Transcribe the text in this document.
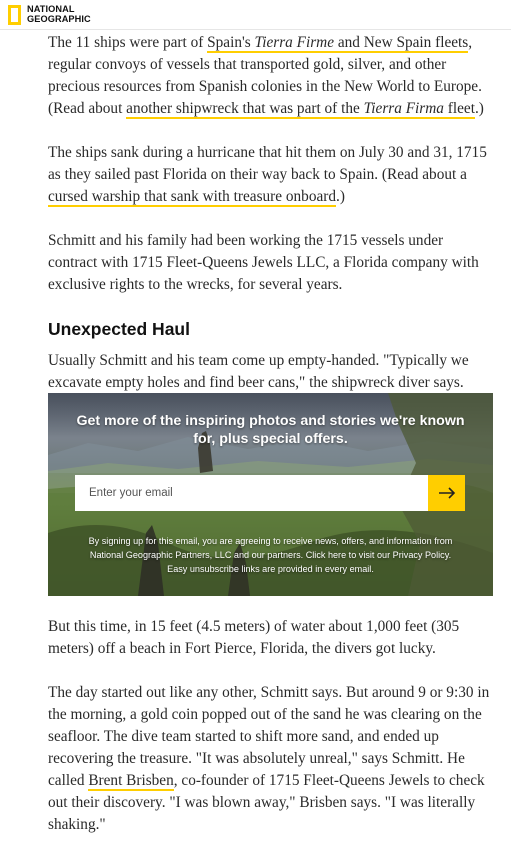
NATIONAL
GEOGRAPHIC

The 11 ships were part of Spain's Tierra Firme and New Spain fleets, regular convoys of vessels that transported gold, silver, and other precious resources from Spanish colonies in the New World to Europe. (Read about another shipwreck that was part of the Tierra Firma fleet.)

The ships sank during a hurricane that hit them on July 30 and 31, 1715 as they sailed past Florida on their way back to Spain. (Read about a cursed warship that sank with treasure onboard.)

Schmitt and his family had been working the 1715 vessels under contract with 1715 Fleet-Queens Jewels LLC, a Florida company with exclusive rights to the wrecks, for several years.

Unexpected Haul

Usually Schmitt and his team come up empty-handed. "Typically we excavate empty holes and find beer cans," the shipwreck diver says.

Get more of the inspiring photos and stories we're known for, plus special offers.
Enter your email
By signing up for this email, you are agreeing to receive news, offers, and information from National Geographic Partners, LLC and our partners. Click here to visit our Privacy Policy. Easy unsubscribe links are provided in every email.

But this time, in 15 feet (4.5 meters) of water about 1,000 feet (305 meters) off a beach in Fort Pierce, Florida, the divers got lucky.

The day started out like any other, Schmitt says. But around 9 or 9:30 in the morning, a gold coin popped out of the sand he was clearing on the seafloor. The dive team started to shift more sand, and ended up recovering the treasure. "It was absolutely unreal," says Schmitt. He called Brent Brisben, co-founder of 1715 Fleet-Queens Jewels to check out their discovery. "I was blown away," Brisben says. "I was literally shaking."
